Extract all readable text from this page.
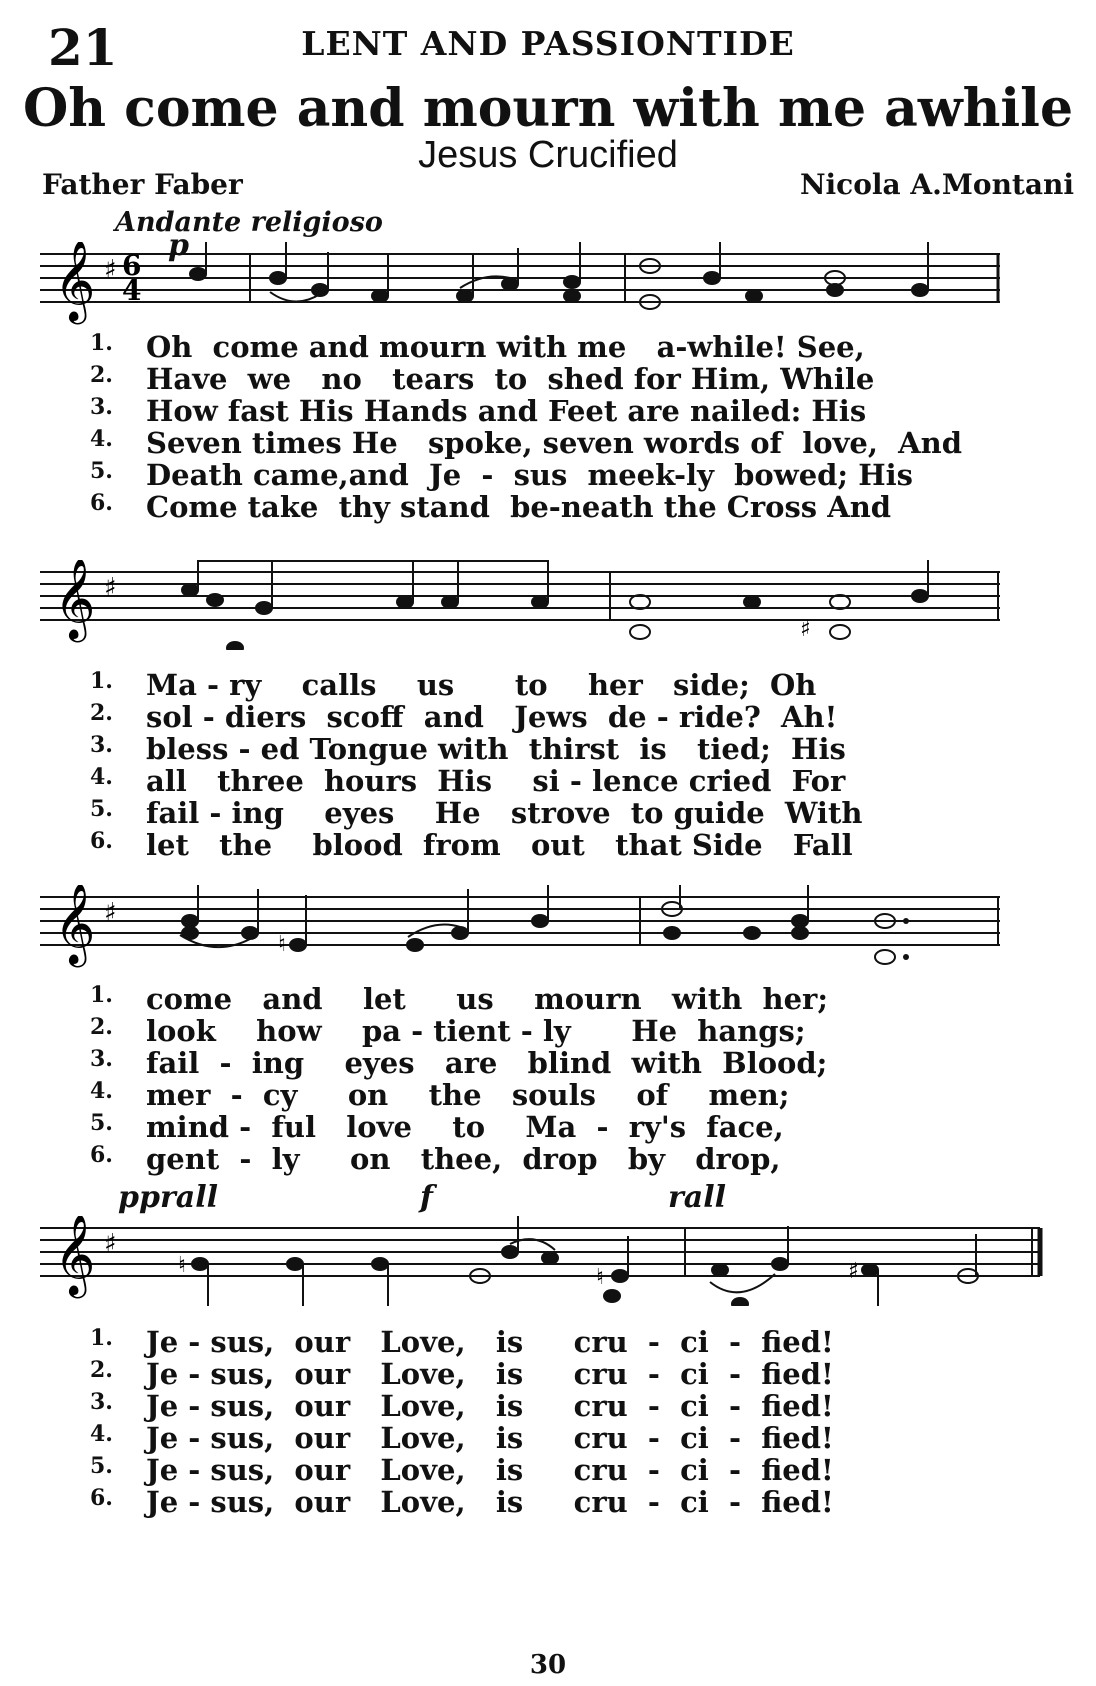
21	LENT AND PASSIONTIDE
Oh come and mourn with me awhile
Jesus Crucified
Father Faber	Nicola A.Montani
Andante religioso
p
𝄞 ♯ 6
4
1. Oh  come and mourn with me   a-while! See,
2. Have  we   no   tears  to  shed for Him, While
3. How fast His Hands and Feet are nailed: His
4. Seven times He   spoke, seven words of  love,  And
5. Death came,and  Je  -  sus  meek-ly  bowed; His
6. Come take  thy stand  be-neath the Cross And
𝄞 ♯
♯
1. Ma - ry    calls    us      to    her   side;  Oh
2. sol - diers  scoff  and   Jews  de - ride?  Ah!
3. bless - ed Tongue with  thirst  is   tied;  His
4. all   three  hours  His    si - lence cried  For
5. fail - ing    eyes    He   strove  to guide  With
6. let   the    blood  from   out   that Side   Fall
𝄞 ♯
♮
1. come   and    let     us    mourn   with  her;
2. look    how    pa - tient - ly      He  hangs;
3. fail  -  ing    eyes   are   blind  with  Blood;
4. mer  -  cy     on    the   souls    of    men;
5. mind -  ful   love    to    Ma  -  ry's  face,
6. gent  -  ly     on   thee,  drop   by   drop,
pp rall	f	rall
𝄞 ♯
♮	♮	♯
1. Je - sus,  our   Love,   is     cru  -  ci  -  fied!
2. Je - sus,  our   Love,   is     cru  -  ci  -  fied!
3. Je - sus,  our   Love,   is     cru  -  ci  -  fied!
4. Je - sus,  our   Love,   is     cru  -  ci  -  fied!
5. Je - sus,  our   Love,   is     cru  -  ci  -  fied!
6. Je - sus,  our   Love,   is     cru  -  ci  -  fied!
30
